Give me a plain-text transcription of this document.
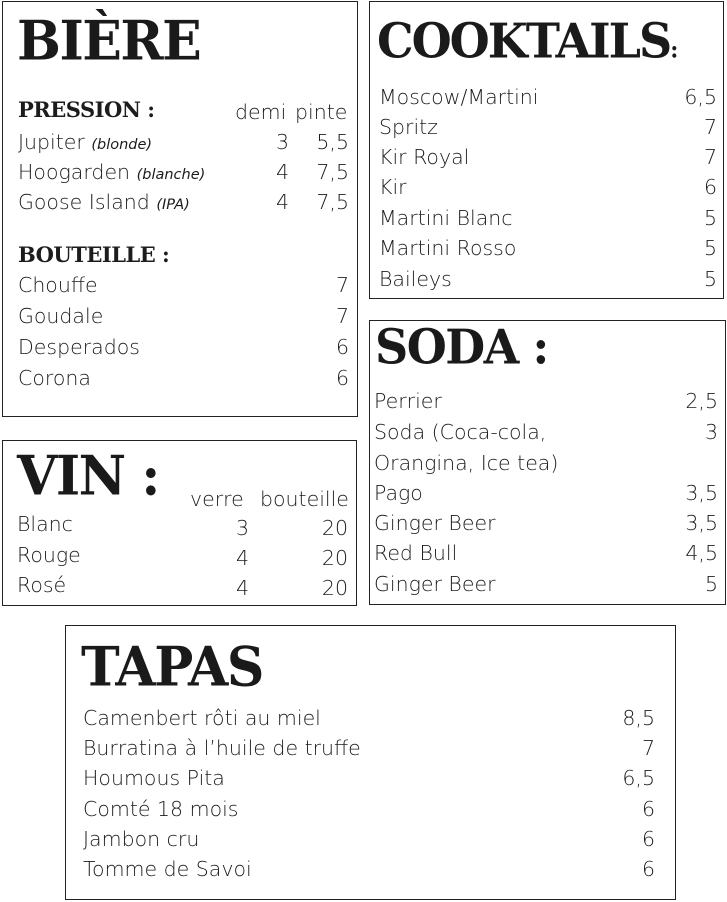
BIÈRE
PRESSION :	demi pinte
Jupiter (blonde)	3	5,5
Hoogarden (blanche)	4	7,5
Goose Island (IPA)	4	7,5
BOUTEILLE :
Chouffe	7
Goudale	7
Desperados	6
Corona	6
COOKTAILS:
Moscow/Martini	6,5
Spritz	7
Kir Royal	7
Kir	6
Martini Blanc	5
Martini Rosso	5
Baileys	5
SODA :
Perrier	2,5
Soda (Coca-cola,	3
Orangina, Ice tea)
Pago	3,5
Ginger Beer	3,5
Red Bull	4,5
Ginger Beer	5
VIN : verre bouteille
Blanc	3	20
Rouge	4	20
Rosé	4	20
TAPAS
Camenbert rôti au miel	8,5
Burratina à l’huile de truffe	7
Houmous Pita	6,5
Comté 18 mois	6
Jambon cru	6
Tomme de Savoi	6
